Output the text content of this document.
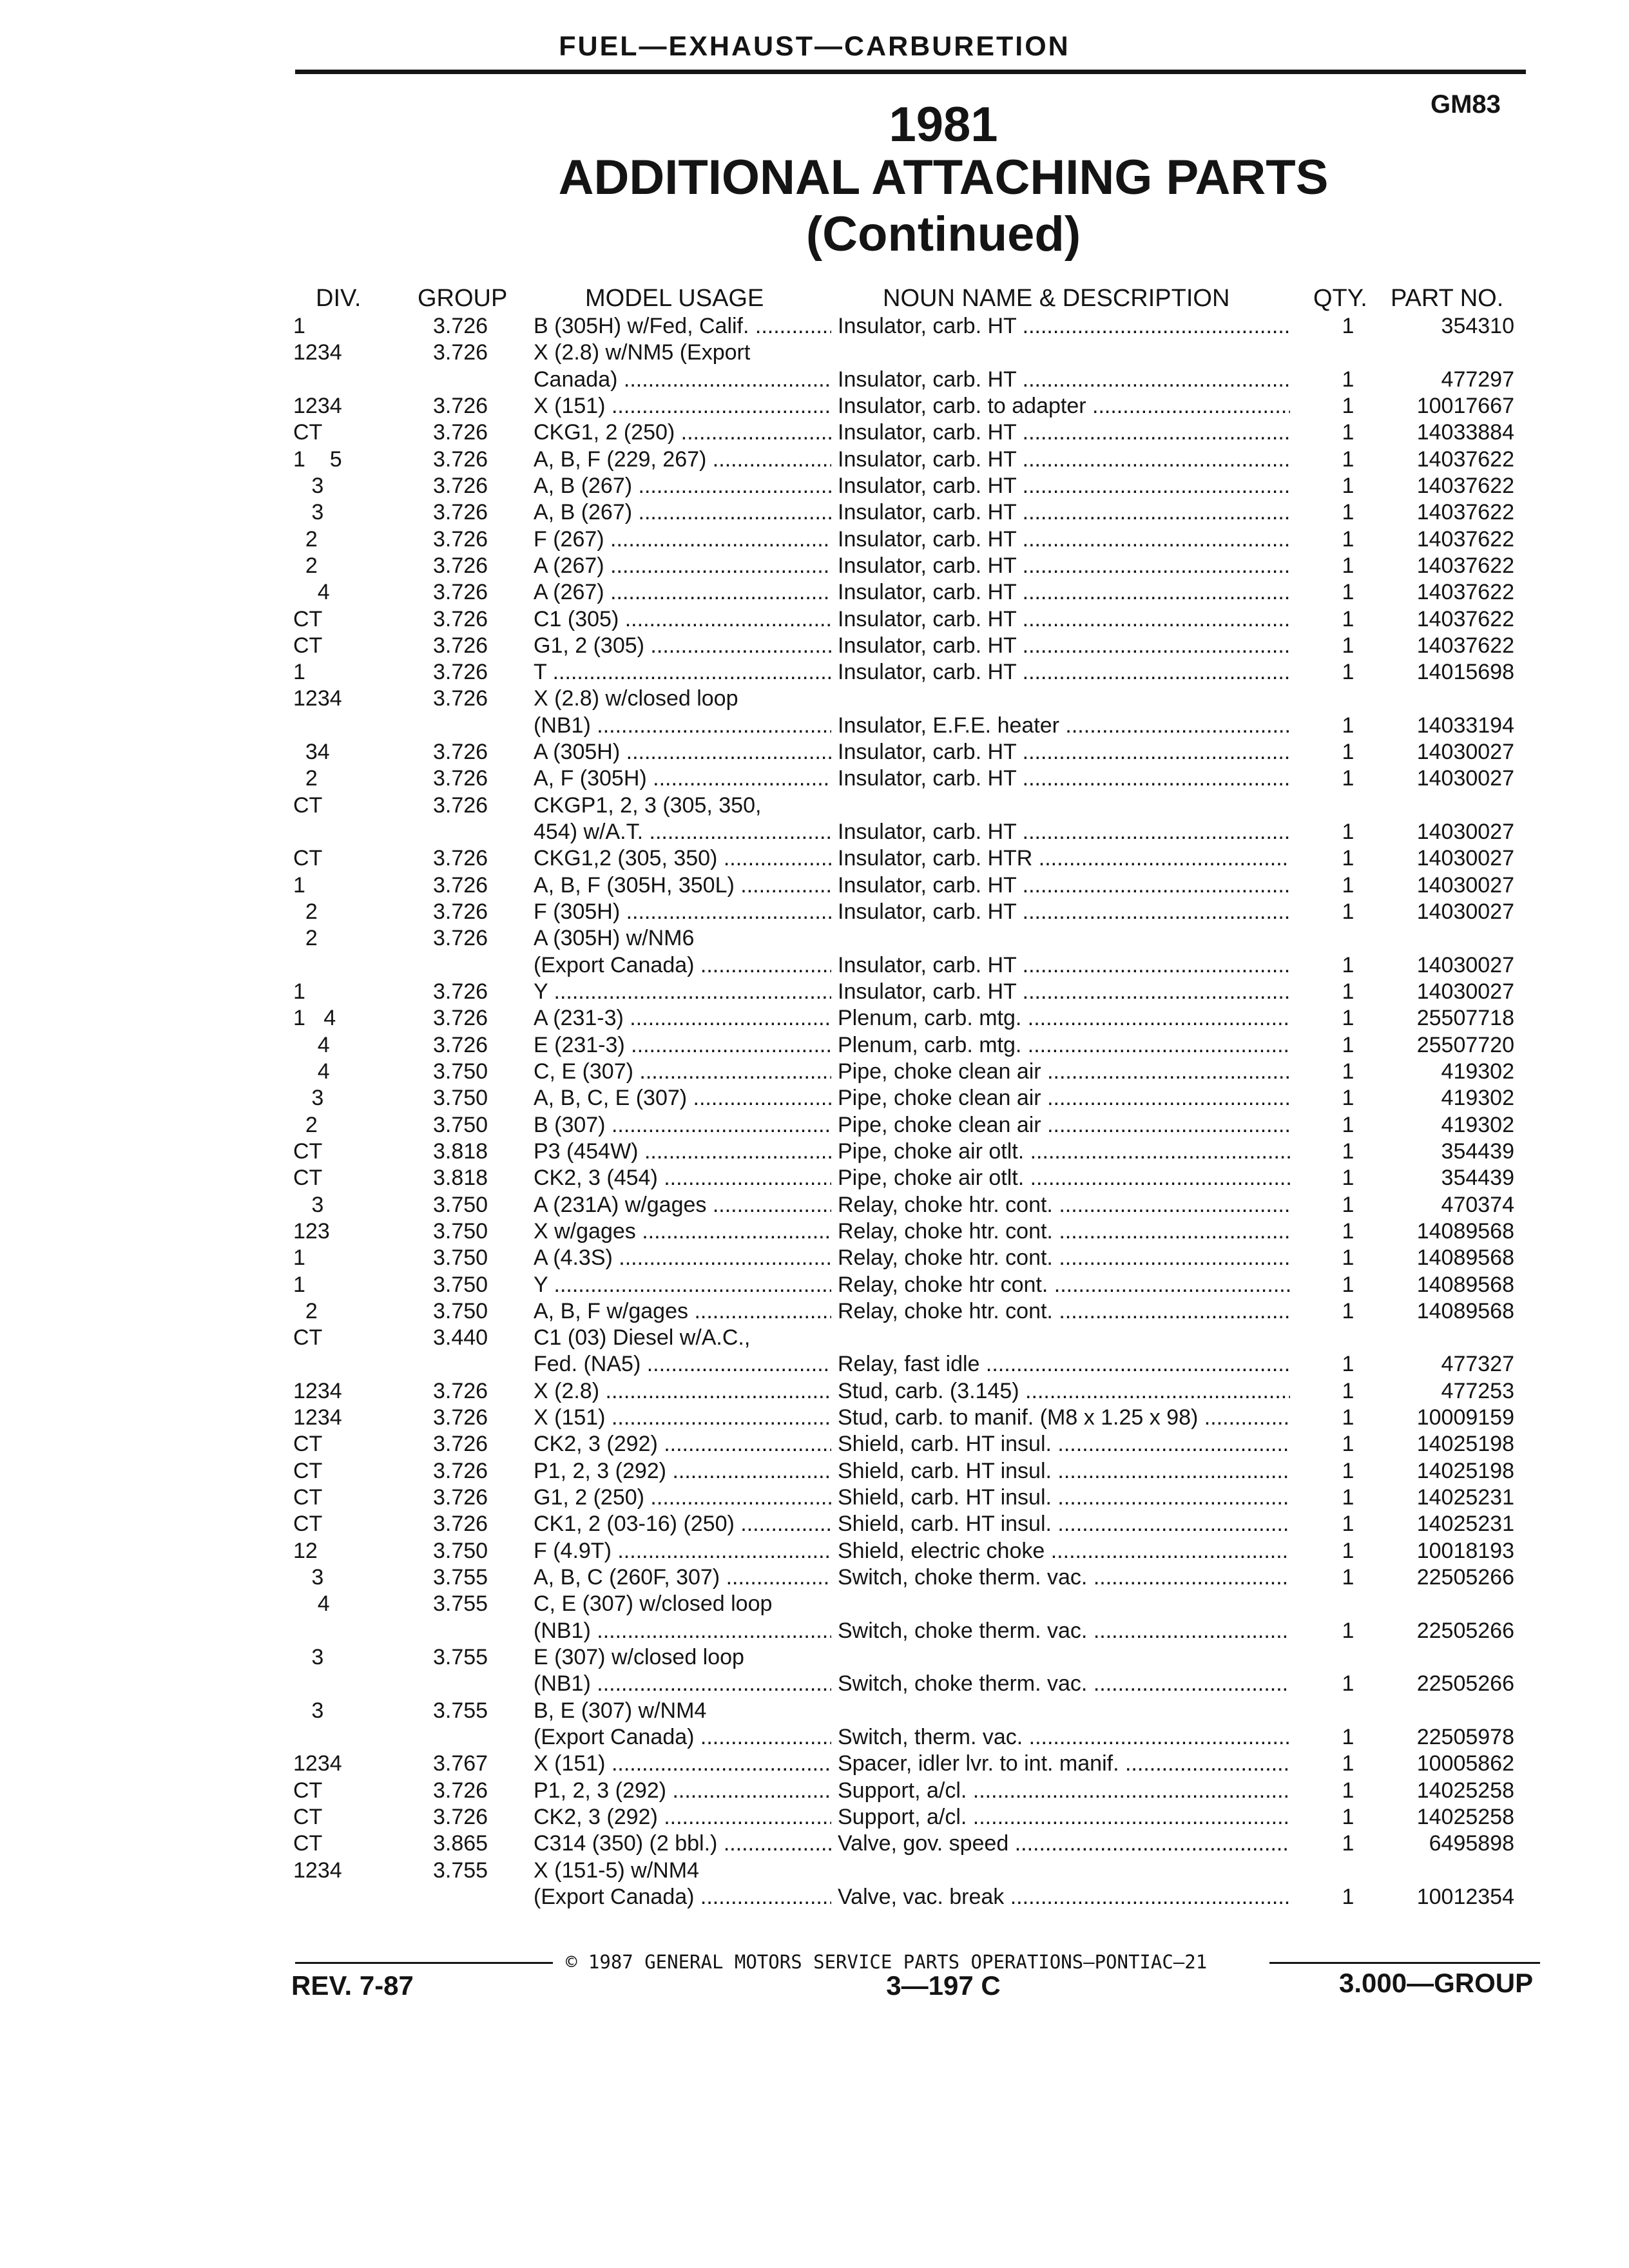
FUEL—EXHAUST—CARBURETION
GM83
1981
ADDITIONAL ATTACHING PARTS
(Continued)
DIV. GROUP	MODEL USAGE	NOUN NAME & DESCRIPTION	QTY. PART NO.
1	3.726 B (305H) w/Fed, Calif. .....	Insulator, carb. HT .....	1	354310
1234	3.726 X (2.8) w/NM5 (Export
Canada) .....	Insulator, carb. HT .....	1	477297
1234	3.726 X (151) .....	Insulator, carb. to adapter .....	1	10017667
CT	3.726 CKG1, 2 (250) .....	Insulator, carb. HT .....	1	14033884
1    5	3.726 A, B, F (229, 267) .....	Insulator, carb. HT .....	1	14037622
3	3.726 A, B (267) .....	Insulator, carb. HT .....	1	14037622
3	3.726 A, B (267) .....	Insulator, carb. HT .....	1	14037622
2	3.726 F (267) .....	Insulator, carb. HT .....	1	14037622
2	3.726 A (267) .....	Insulator, carb. HT .....	1	14037622
4	3.726 A (267) .....	Insulator, carb. HT .....	1	14037622
CT	3.726 C1 (305) .....	Insulator, carb. HT .....	1	14037622
CT	3.726 G1, 2 (305) .....	Insulator, carb. HT .....	1	14037622
1	3.726 T .....	Insulator, carb. HT .....	1	14015698
1234	3.726 X (2.8) w/closed loop
(NB1) .....	Insulator, E.F.E. heater .....	1	14033194
34	3.726 A (305H) .....	Insulator, carb. HT .....	1	14030027
2	3.726 A, F (305H) .....	Insulator, carb. HT .....	1	14030027
CT	3.726 CKGP1, 2, 3 (305, 350,
454) w/A.T. .....	Insulator, carb. HT .....	1	14030027
CT	3.726 CKG1,2 (305, 350) .....	Insulator, carb. HTR .....	1	14030027
1	3.726 A, B, F (305H, 350L) .....	Insulator, carb. HT .....	1	14030027
2	3.726 F (305H) .....	Insulator, carb. HT .....	1	14030027
2	3.726 A (305H) w/NM6
(Export Canada) .....	Insulator, carb. HT .....	1	14030027
1	3.726 Y .....	Insulator, carb. HT .....	1	14030027
1   4	3.726 A (231-3) .....	Plenum, carb. mtg. .....	1	25507718
4	3.726 E (231-3) .....	Plenum, carb. mtg. .....	1	25507720
4	3.750 C, E (307) .....	Pipe, choke clean air .....	1	419302
3	3.750 A, B, C, E (307) .....	Pipe, choke clean air .....	1	419302
2	3.750 B (307) .....	Pipe, choke clean air .....	1	419302
CT	3.818 P3 (454W) .....	Pipe, choke air otlt. .....	1	354439
CT	3.818 CK2, 3 (454) .....	Pipe, choke air otlt. .....	1	354439
3	3.750 A (231A) w/gages .....	Relay, choke htr. cont. .....	1	470374
123	3.750 X w/gages .....	Relay, choke htr. cont. .....	1	14089568
1	3.750 A (4.3S) .....	Relay, choke htr. cont. .....	1	14089568
1	3.750 Y .....	Relay, choke htr cont. .....	1	14089568
2	3.750 A, B, F w/gages .....	Relay, choke htr. cont. .....	1	14089568
CT	3.440 C1 (03) Diesel w/A.C.,
Fed. (NA5) .....	Relay, fast idle .....	1	477327
1234	3.726 X (2.8) .....	Stud, carb. (3.145) .....	1	477253
1234	3.726 X (151) .....	Stud, carb. to manif. (M8 x 1.25 x 98) .....	1	10009159
CT	3.726 CK2, 3 (292) .....	Shield, carb. HT insul. .....	1	14025198
CT	3.726 P1, 2, 3 (292) .....	Shield, carb. HT insul. .....	1	14025198
CT	3.726 G1, 2 (250) .....	Shield, carb. HT insul. .....	1	14025231
CT	3.726 CK1, 2 (03-16) (250) .....	Shield, carb. HT insul. .....	1	14025231
12	3.750 F (4.9T) .....	Shield, electric choke .....	1	10018193
3	3.755 A, B, C (260F, 307) .....	Switch, choke therm. vac. .....	1	22505266
4	3.755 C, E (307) w/closed loop
(NB1) .....	Switch, choke therm. vac. .....	1	22505266
3	3.755 E (307) w/closed loop
(NB1) .....	Switch, choke therm. vac. .....	1	22505266
3	3.755 B, E (307) w/NM4
(Export Canada) .....	Switch, therm. vac. .....	1	22505978
1234	3.767 X (151) .....	Spacer, idler lvr. to int. manif. .....	1	10005862
CT	3.726 P1, 2, 3 (292) .....	Support, a/cl. .....	1	14025258
CT	3.726 CK2, 3 (292) .....	Support, a/cl. .....	1	14025258
CT	3.865 C314 (350) (2 bbl.) .....	Valve, gov. speed .....	1	6495898
1234	3.755 X (151-5) w/NM4
(Export Canada) .....	Valve, vac. break .....	1	10012354
© 1987 GENERAL MOTORS SERVICE PARTS OPERATIONS—PONTIAC—21
REV. 7-87	3—197 C	3.000—GROUP
